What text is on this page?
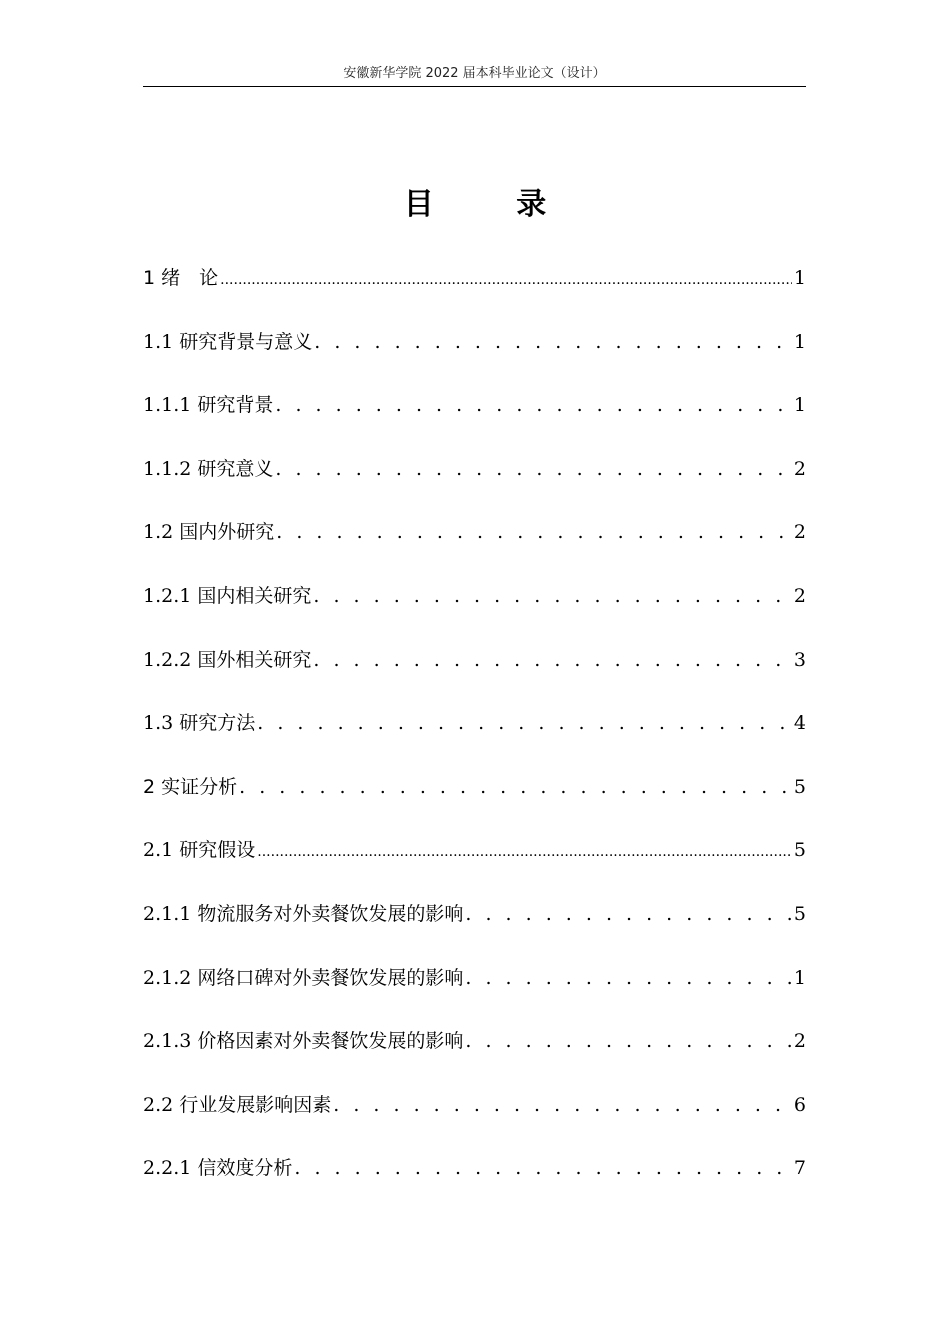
安徽新华学院 2022 届本科毕业论文（设计）
目 录
1 绪　论 .....	1
1.1 研究背景与意义 . . .	1
1.1.1 研究背景 . . .	1
1.1.2 研究意义 . . .	2
1.2 国内外研究 . . .	2
1.2.1 国内相关研究 . . .	2
1.2.2 国外相关研究 . . .	3
1.3 研究方法 . . .	4
2 实证分析 . . .	5
2.1 研究假设 .....	5
2.1.1 物流服务对外卖餐饮发展的影响 . . .	5
2.1.2 网络口碑对外卖餐饮发展的影响 . . .	1
2.1.3 价格因素对外卖餐饮发展的影响 . . .	2
2.2 行业发展影响因素 . . .	6
2.2.1 信效度分析 . . .	7
